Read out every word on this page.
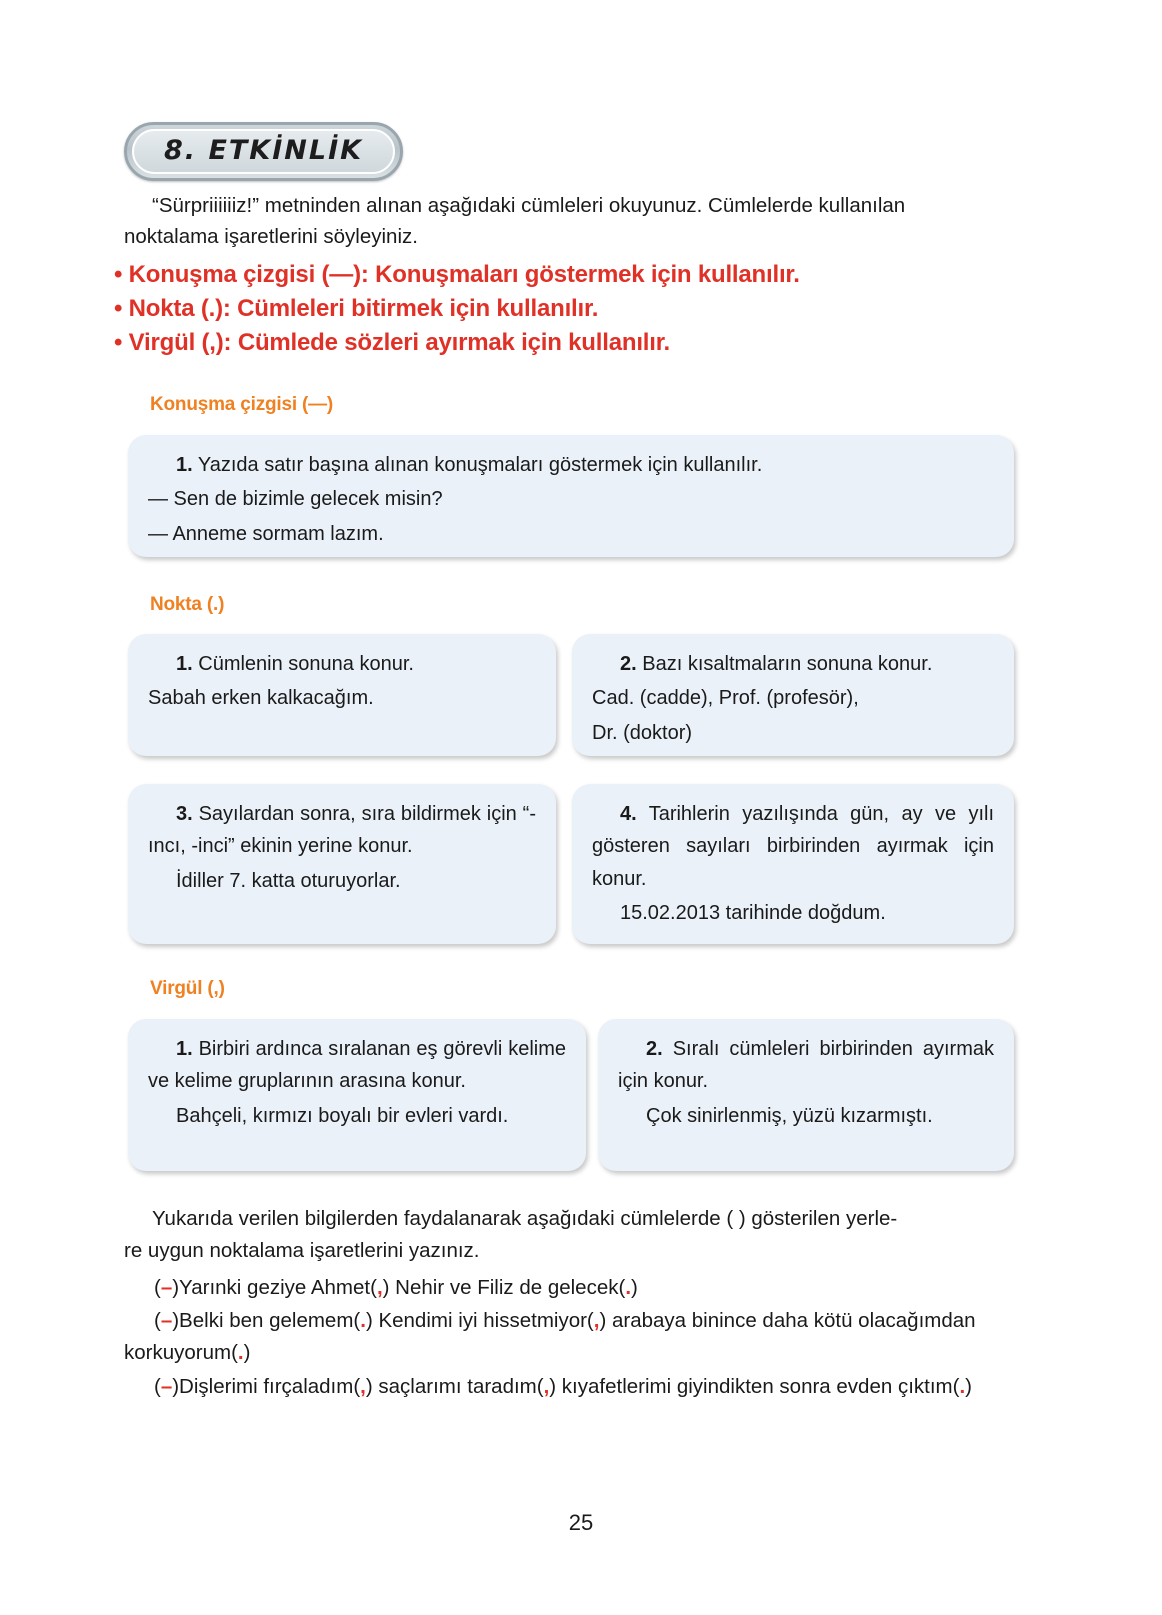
8. ETKİNLİK
“Sürpriiiiiiz!” metninden alınan aşağıdaki cümleleri okuyunuz. Cümlelerde kullanılan
noktalama işaretlerini söyleyiniz.
• Konuşma çizgisi (—): Konuşmaları göstermek için kullanılır.
• Nokta (.): Cümleleri bitirmek için kullanılır.
• Virgül (,): Cümlede sözleri ayırmak için kullanılır.
Konuşma çizgisi (—)

1. Yazıda satır başına alınan konuşmaları göstermek için kullanılır.

— Sen de bizimle gelecek misin?

— Anneme sormam lazım.

Nokta (.)

1. Cümlenin sonuna konur.

Sabah erken kalkacağım.

2. Bazı kısaltmaların sonuna konur.

Cad. (cadde), Prof. (profesör),

Dr. (doktor)

3. Sayılardan sonra, sıra bildirmek için “-ıncı, -inci” ekinin yerine konur.

İdiller 7. katta oturuyorlar.

4. Tarihlerin yazılışında gün, ay ve yılı gösteren sayıları birbirinden ayırmak için konur.

15.02.2013 tarihinde doğdum.

Virgül (,)

1. Birbiri ardınca sıralanan eş görevli kelime ve kelime gruplarının arasına konur.

Bahçeli, kırmızı boyalı bir evleri vardı.

2. Sıralı cümleleri birbirinden ayırmak için konur.

Çok sinirlenmiş, yüzü kızarmıştı.

Yukarıda verilen bilgilerden faydalanarak aşağıdaki cümlelerde ( ) gösterilen yerle-
re uygun noktalama işaretlerini yazınız.
(–)Yarınki geziye Ahmet(,) Nehir ve Filiz de gelecek(.)
(–)Belki ben gelemem(.) Kendimi iyi hissetmiyor(,) arabaya binince daha kötü olacağımdan korkuyorum(.)
(–)Dişlerimi fırçaladım(,) saçlarımı taradım(,) kıyafetlerimi giyindikten sonra evden çıktım(.)
25
